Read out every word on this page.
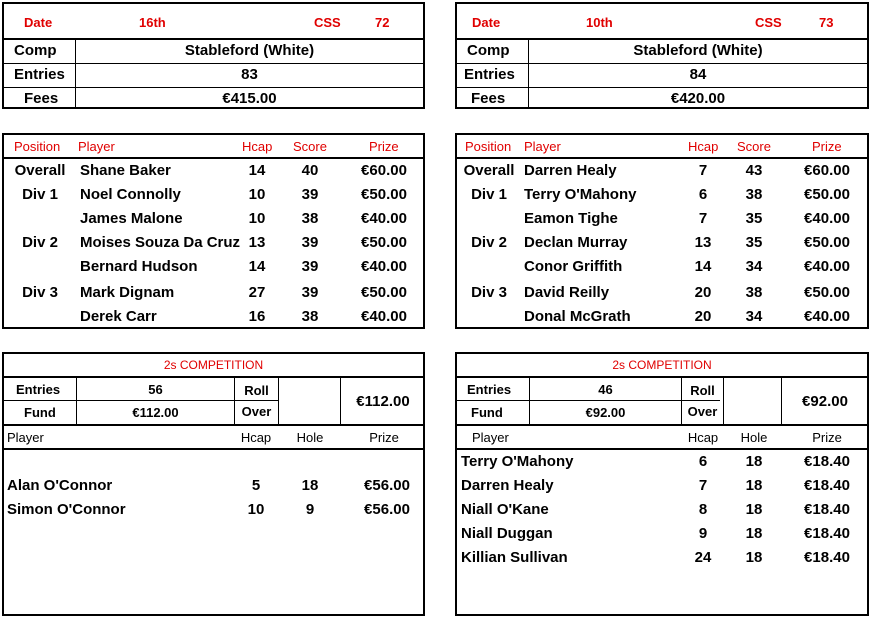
Date	16th	CSS	72
Comp	Stableford (White)
Entries	83
Fees	€415.00
Position Player	Hcap Score	Prize
Overall Shane Baker	14	40	€60.00
Div 1	Noel Connolly	10	39	€50.00
James Malone	10	38	€40.00
Div 2	Moises Souza Da Cruz 13	39	€50.00
Bernard Hudson	14	39	€40.00
Div 3	Mark Dignam	27	39	€50.00
Derek Carr	16	38	€40.00
2s COMPETITION
Entries	56
Fund	€112.00
Roll
Over
€112.00
Player	Hcap	Hole	Prize
Alan O'Connor	5	18	€56.00
Simon O'Connor	10	9	€56.00
Date	10th	CSS	73
Comp	Stableford (White)
Entries	84
Fees	€420.00
Position Player	Hcap Score	Prize
Overall Darren Healy	7	43	€60.00
Div 1	Terry O'Mahony	6	38	€50.00
Eamon Tighe	7	35	€40.00
Div 2	Declan Murray	13	35	€50.00
Conor Griffith	14	34	€40.00
Div 3	David Reilly	20	38	€50.00
Donal McGrath	20	34	€40.00
2s COMPETITION
Entries	46
Fund	€92.00
Roll
Over
€92.00
Player	Hcap	Hole	Prize
Terry O'Mahony	6	18	€18.40
Darren Healy	7	18	€18.40
Niall O'Kane	8	18	€18.40
Niall Duggan	9	18	€18.40
Killian Sullivan	24	18	€18.40
